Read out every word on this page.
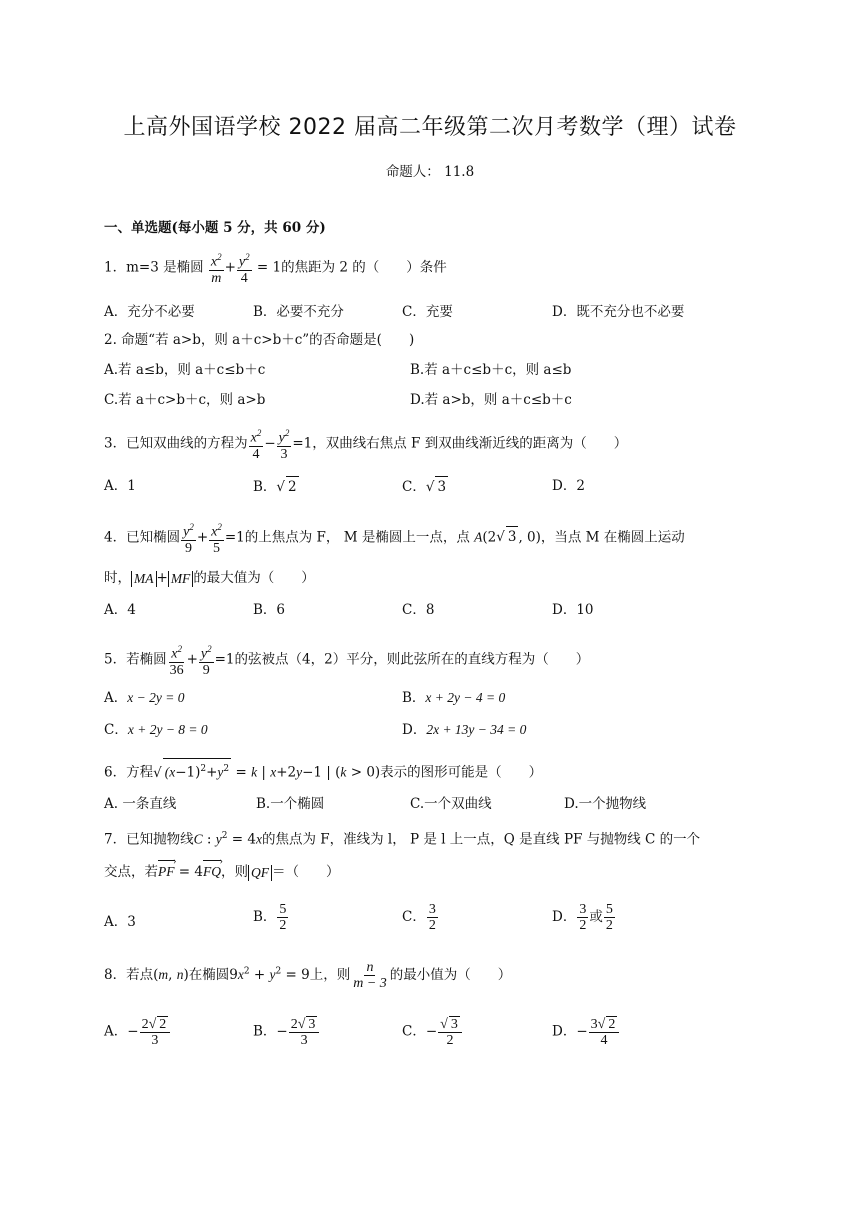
上高外国语学校 2022 届高二年级第二次月考数学（理）试卷
命题人： 11.8
一、单选题(每小题 5 分，共 60 分)
1．m=3 是椭圆 $\frac{x^2}{m} + \frac{y^2}{4} = 1$的焦距为 2 的（　　）条件
A．充分不必要	B．必要不充分	C．充要	D．既不充分也不必要
2. 命题“若 a>b，则 a＋c>b＋c”的否命题是(　　)
A.若 a≤b，则 a＋c≤b＋c	B.若 a＋c≤b＋c，则 a≤b
C.若 a＋c>b＋c，则 a>b	D.若 a>b，则 a＋c≤b＋c
3．已知双曲线的方程为 $\frac{x^2}{4} - \frac{y^2}{3} =1$，双曲线右焦点 F 到双曲线渐近线的距离为（　　）
A．1	B． √ 2	C． √ 3	D．2
4．已知椭圆 $\frac{y^2}{9} + \frac{x^2}{5} =1$的上焦点为 F， M 是椭圆上一点，点 A(2 √ 3 , 0)，当点 M 在椭圆上运动
时， MA + MF 的最大值为（　　）
A．4	B．6	C．8	D．10
5．若椭圆 $\frac{x^2}{36} + \frac{y^2}{9} =1$的弦被点（4，2）平分，则此弦所在的直线方程为（　　）
A．x − 2y = 0	B．x + 2y − 4 = 0
C．x + 2y − 8 = 0	D．2x + 13y − 34 = 0
6．方程 √ $(x-1)^2+y^2 = k$ | x+2y−1 | (k > 0)表示的图形可能是（　　）
A. 一条直线	B.一个椭圆	C.一个双曲线	D.一个抛物线
7．已知抛物线C : $y^2 = 4x$的焦点为 F，准线为 l， P 是 l 上一点，Q 是直线 PF 与抛物线 C 的一个
交点，若PF › = 4FQ ›，则 QF ＝（　　）
A．3	B． $\frac{5}{2}$	C． $\frac{3}{2}$	D． $\frac{3}{2}$ 或 $\frac{5}{2}$
8．若点(m, n)在椭圆$9x^2 + y^2 = 9$上，则 $\frac{n}{m - 3}$ 的最小值为（　　）
A．− $\frac{2 √ 2}{3}$	B．− $\frac{2 √ 3}{3}$	C．− √ $\frac{3}{2}$	D．− $\frac{3 √ 2}{4}$
